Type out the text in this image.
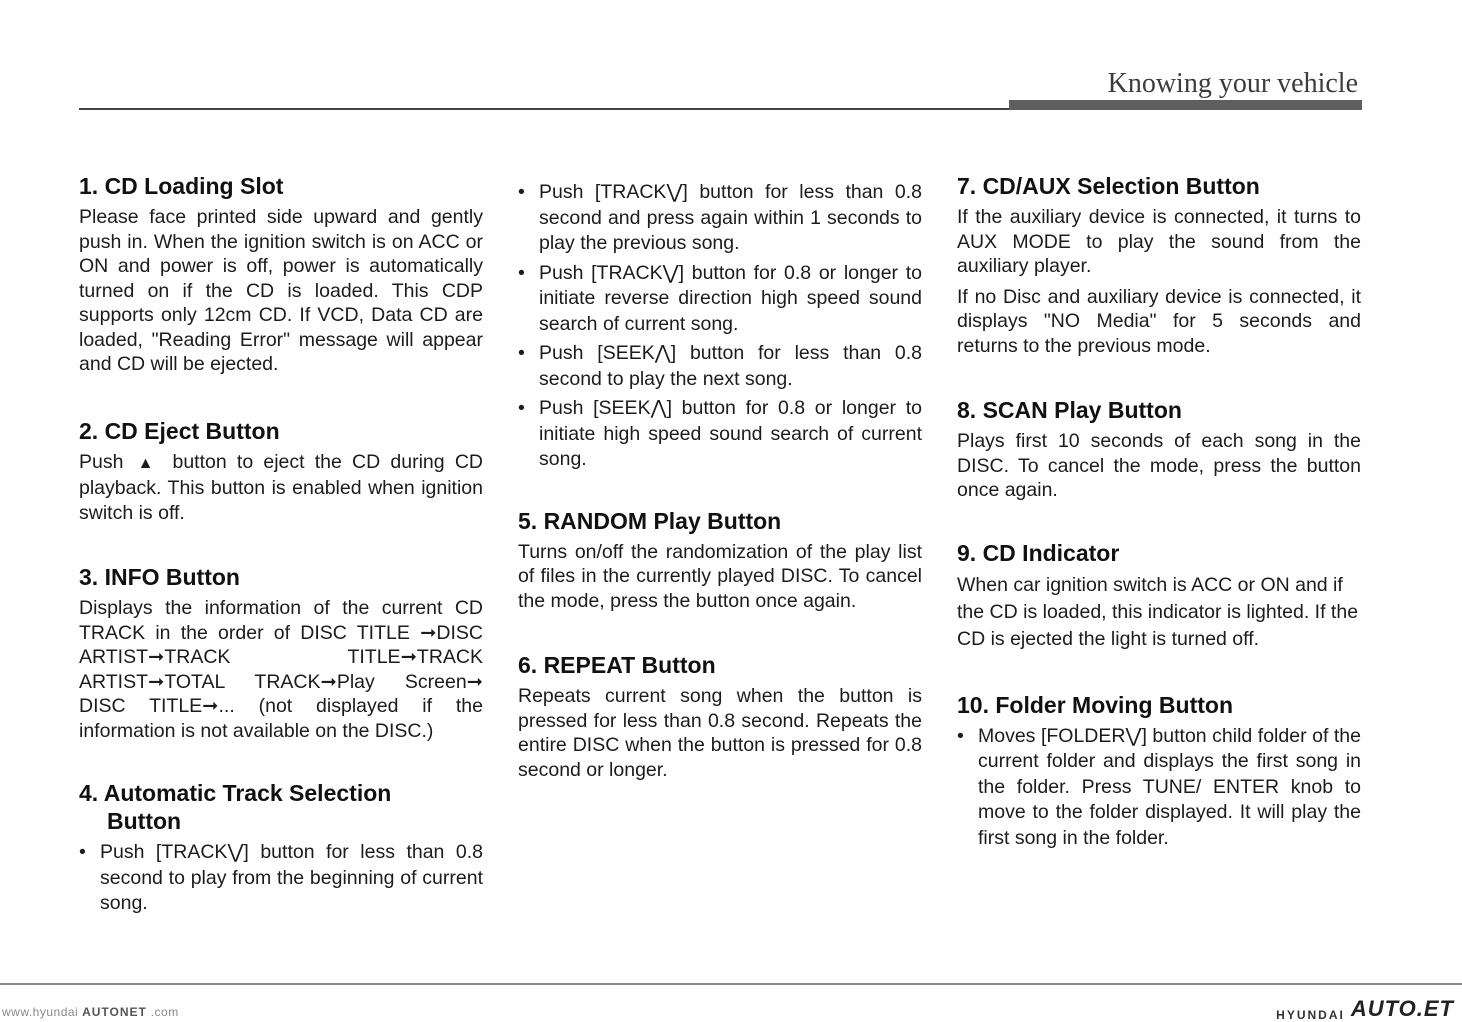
Knowing your vehicle
1. CD Loading Slot

Please face printed side upward and gently push in. When the ignition switch is on ACC or ON and power is off, power is automatically turned on if the CD is loaded. This CDP supports only 12cm CD. If VCD, Data CD are loaded, "Reading Error" message will appear and CD will be ejected.

2. CD Eject Button

Push ▲ button to eject the CD during CD playback. This button is enabled when ignition switch is off.

3. INFO Button

Displays the information of the current CD TRACK in the order of DISC TITLE ➞DISC ARTIST➞TRACK TITLE➞TRACK ARTIST➞TOTAL TRACK➞Play Screen➞ DISC TITLE➞... (not displayed if the information is not available on the DISC.)

4. Automatic Track Selection
Button
• Push [TRACK⋁] button for less than 0.8 second to play from the beginning of current song.
• Push [TRACK⋁] button for less than 0.8 second and press again within 1 seconds to play the previous song.
• Push [TRACK⋁] button for 0.8 or longer to initiate reverse direction high speed sound search of current song.
• Push [SEEK⋀] button for less than 0.8 second to play the next song.
• Push [SEEK⋀] button for 0.8 or longer to initiate high speed sound search of current song.
5. RANDOM Play Button

Turns on/off the randomization of the play list of files in the currently played DISC. To cancel the mode, press the button once again.

6. REPEAT Button

Repeats current song when the button is pressed for less than 0.8 second. Repeats the entire DISC when the button is pressed for 0.8 second or longer.

7. CD/AUX Selection Button

If the auxiliary device is connected, it turns to AUX MODE to play the sound from the auxiliary player.

If no Disc and auxiliary device is connected, it displays "NO Media" for 5 seconds and returns to the previous mode.

8. SCAN Play Button

Plays first 10 seconds of each song in the DISC. To cancel the mode, press the button once again.

9. CD Indicator

When car ignition switch is ACC or ON and if the CD is loaded, this indicator is lighted. If the CD is ejected the light is turned off.

10. Folder Moving Button
• Moves [FOLDER⋁] button child folder of the current folder and displays the first song in the folder. Press TUNE/ ENTER knob to move to the folder displayed. It will play the first song in the folder.
www.hyundai AUTONET .com	HYUNDAI AUTO.ET
